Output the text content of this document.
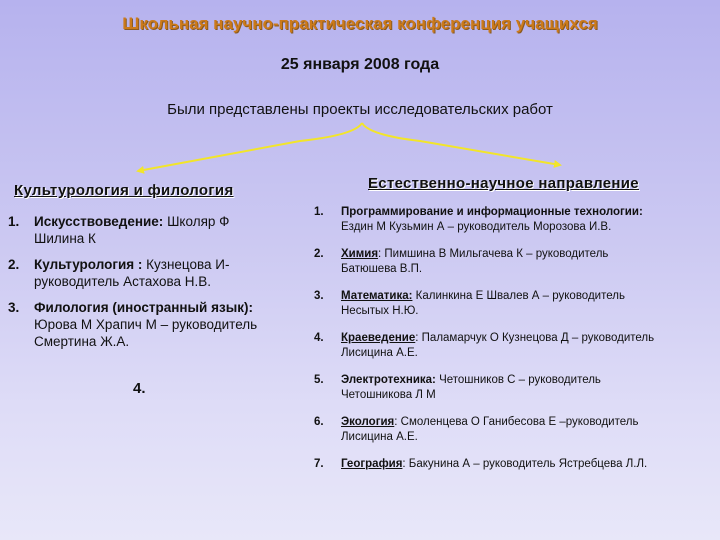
Школьная научно-практическая конференция учащихся
25 января 2008 года
Были представлены проекты исследовательских работ
Культурология и филология	Естественно-научное направление
1.	Искусствоведение: Школяр Ф Шилина К
2.	Культурология : Кузнецова И- руководитель Астахова Н.В.
3.	Филология (иностранный язык): Юрова М Храпич М – руководитель Смертина Ж.А.
4.
1.	Программирование и информационные технологии:
Ездин М Кузьмин А – руководитель Морозова И.В.
2.	Химия: Пимшина В Мильгачева К – руководитель
Батюшева В.П.
3.	Математика: Калинкина Е Швалев А – руководитель
Несытых Н.Ю.
4.	Краеведение: Паламарчук О Кузнецова Д – руководитель
Лисицина А.Е.
5.	Электротехника: Четошников С – руководитель
Четошникова Л М
6.	Экология: Смоленцева О Ганибесова Е –руководитель
Лисицина А.Е.
7.	География: Бакунина А – руководитель Ястребцева Л.Л.
